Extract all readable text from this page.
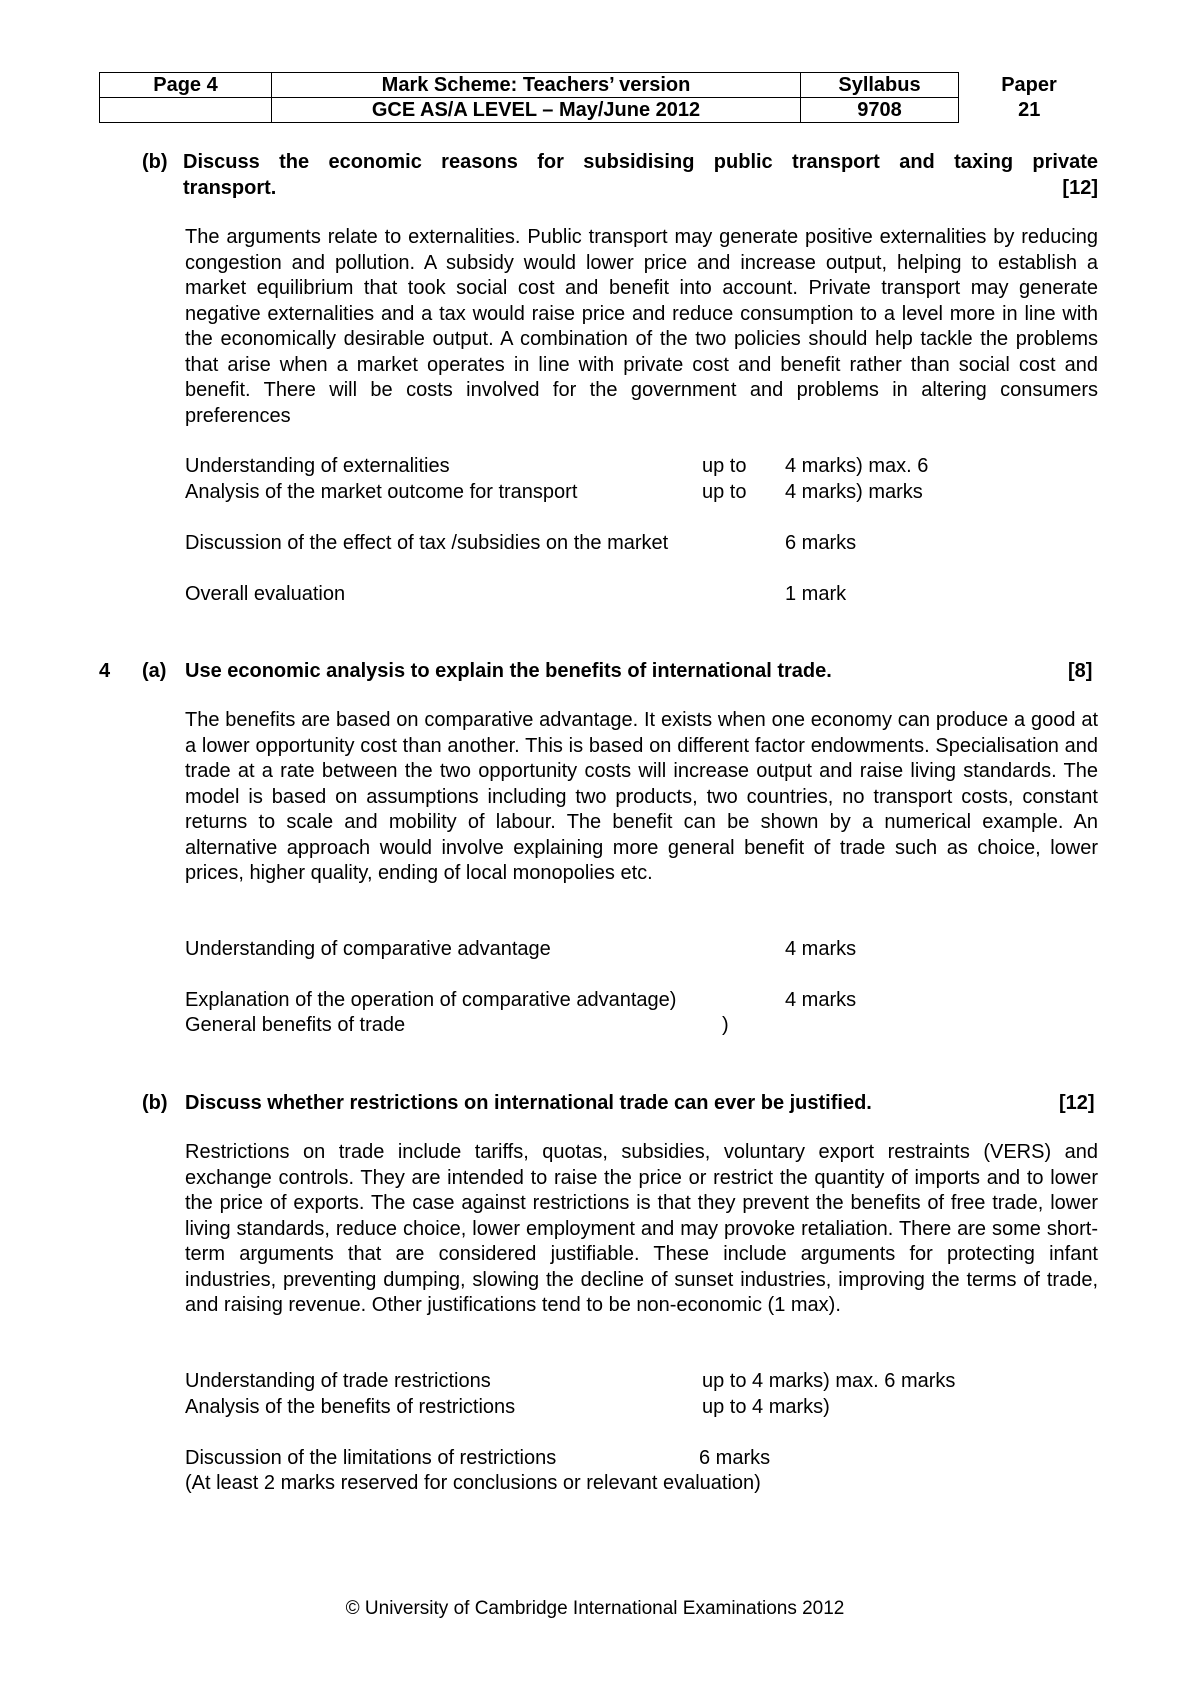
Page 4	Mark Scheme: Teachers’ version	Syllabus	Paper
	GCE AS/A LEVEL – May/June 2012	9708	21
(b) Discuss the economic reasons for subsidising public transport and taxing private
transport.	[12]
The arguments relate to externalities. Public transport may generate positive externalities by reducing congestion and pollution. A subsidy would lower price and increase output, helping to establish a market equilibrium that took social cost and benefit into account. Private transport may generate negative externalities and a tax would raise price and reduce consumption to a level more in line with the economically desirable output. A combination of the two policies should help tackle the problems that arise when a market operates in line with private cost and benefit rather than social cost and benefit. There will be costs involved for the government and problems in altering consumers preferences
Understanding of externalities	up to 4 marks) max. 6
Analysis of the market outcome for transport	up to 4 marks) marks
Discussion of the effect of tax /subsidies on the market	6 marks
Overall evaluation	1 mark
4 (a) Use economic analysis to explain the benefits of international trade.	[8]
The benefits are based on comparative advantage. It exists when one economy can produce a good at a lower opportunity cost than another. This is based on different factor endowments. Specialisation and trade at a rate between the two opportunity costs will increase output and raise living standards. The model is based on assumptions including two products, two countries, no transport costs, constant returns to scale and mobility of labour. The benefit can be shown by a numerical example. An alternative approach would involve explaining more general benefit of trade such as choice, lower prices, higher quality, ending of local monopolies etc.
Understanding of comparative advantage	4 marks
Explanation of the operation of comparative advantage)	4 marks
General benefits of trade	)
(b) Discuss whether restrictions on international trade can ever be justified.	[12]
Restrictions on trade include tariffs, quotas, subsidies, voluntary export restraints (VERS) and exchange controls. They are intended to raise the price or restrict the quantity of imports and to lower the price of exports. The case against restrictions is that they prevent the benefits of free trade, lower living standards, reduce choice, lower employment and may provoke retaliation. There are some short-term arguments that are considered justifiable. These include arguments for protecting infant industries, preventing dumping, slowing the decline of sunset industries, improving the terms of trade, and raising revenue. Other justifications tend to be non-economic (1 max).
Understanding of trade restrictions	up to 4 marks) max. 6 marks
Analysis of the benefits of restrictions	up to 4 marks)
Discussion of the limitations of restrictions	6 marks
(At least 2 marks reserved for conclusions or relevant evaluation)
© University of Cambridge International Examinations 2012
